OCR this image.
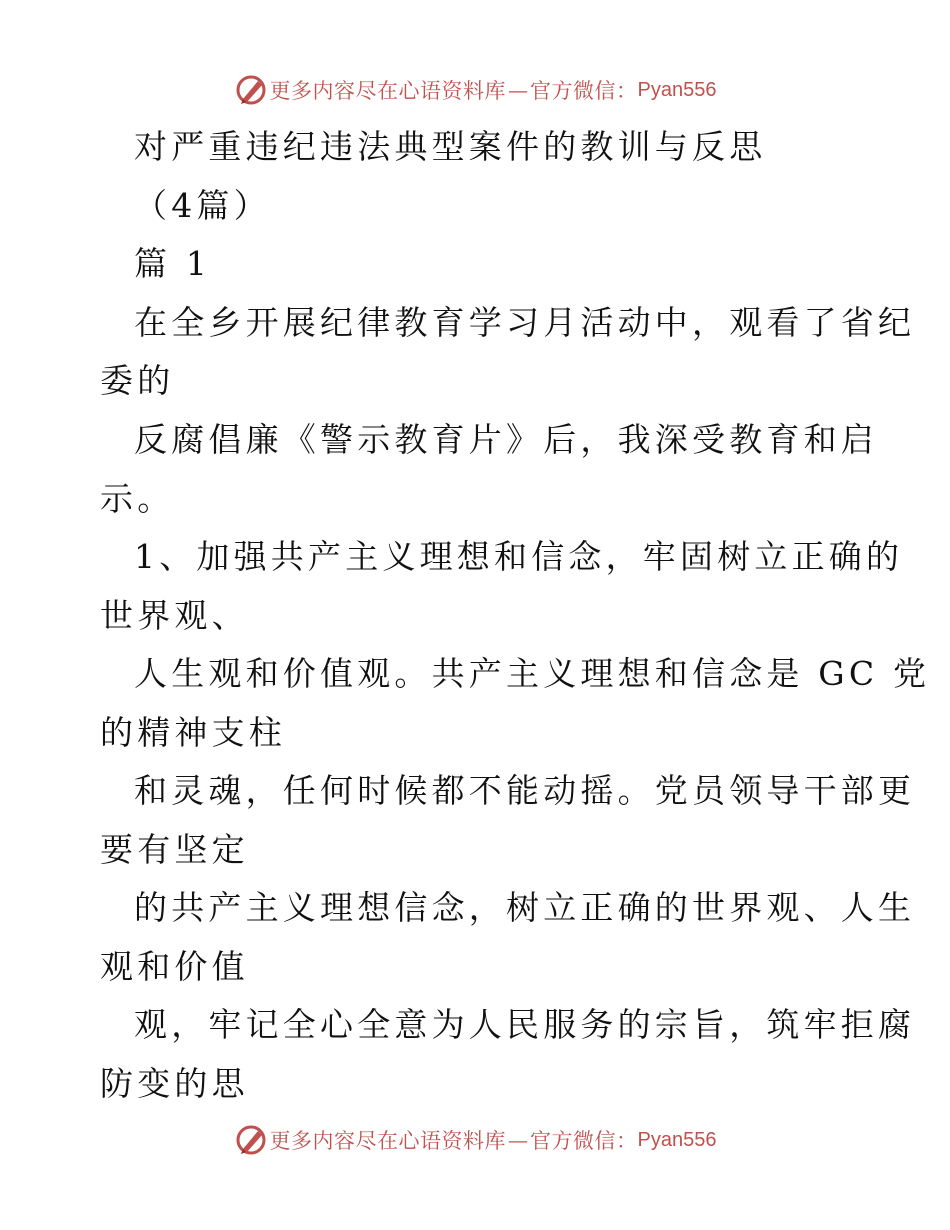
更多内容尽在心语资料库 — 官方微信： Pyan556
对严重违纪违法典型案件的教训与反思
（4篇）
篇 1
在全乡开展纪律教育学习月活动中，观看了省纪
委的
反腐倡廉《警示教育片》后，我深受教育和启
示。
1、加强共产主义理想和信念，牢固树立正确的
世界观、
人生观和价值观。共产主义理想和信念是 GC 党
的精神支柱
和灵魂，任何时候都不能动摇。党员领导干部更
要有坚定
的共产主义理想信念，树立正确的世界观、人生
观和价值
观，牢记全心全意为人民服务的宗旨，筑牢拒腐
防变的思
更多内容尽在心语资料库 — 官方微信： Pyan556
